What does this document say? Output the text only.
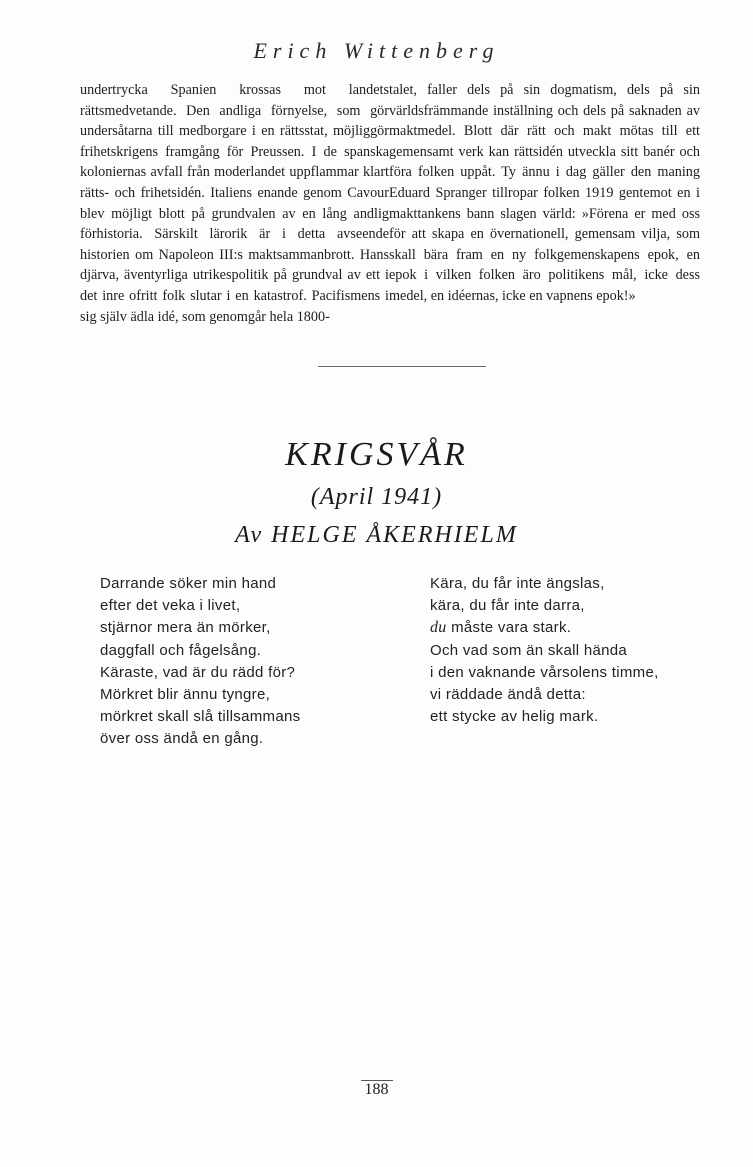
Erich Wittenberg

undertrycka Spanien krossas mot landets rättsmedvetande. Den andliga förnyelse, som gör undersåtarna till medborgare i en rättsstat, möjliggör frihetskrigens framgång för Preussen. I de spanska koloniernas avfall från moderlandet uppflammar klart rätts- och frihetsidén. Italiens enande genom Cavour blev möjligt blott på grundvalen av en lång andlig förhistoria. Särskilt lärorik är i detta avseende historien om Napoleon III:s maktsammanbrott. Hans djärva, äventyrliga utrikespolitik på grundval av ett i det inre ofritt folk slutar i en katastrof. Pacifismens i sig själv ädla idé, som genomgår hela 1800-

talet, faller dels på sin dogmatism, dels på sin världsfrämmande inställning och dels på saknaden av maktmedel. Blott där rätt och makt mötas till ett gemensamt verk kan rättsidén utveckla sitt banér och föra folken uppåt. Ty ännu i dag gäller den maning Eduard Spranger tillropar folken 1919 gentemot en i makttankens bann slagen värld: »Förena er med oss för att skapa en övernationell, gemensam vilja, som skall bära fram en ny folkgemenskapens epok, en epok i vilken folken äro politikens mål, icke dess medel, en idéernas, icke en vapnens epok!»

KRIGSVÅR
(April 1941)
Av HELGE ÅKERHIELM
Darrande söker min hand
efter det veka i livet,
stjärnor mera än mörker,
daggfall och fågelsång.
Käraste, vad är du rädd för?
Mörkret blir ännu tyngre,
mörkret skall slå tillsammans
över oss ändå en gång.
Kära, du får inte ängslas,
kära, du får inte darra,
du måste vara stark.
Och vad som än skall hända
i den vaknande vårsolens timme,
vi räddade ändå detta:
ett stycke av helig mark.
188
